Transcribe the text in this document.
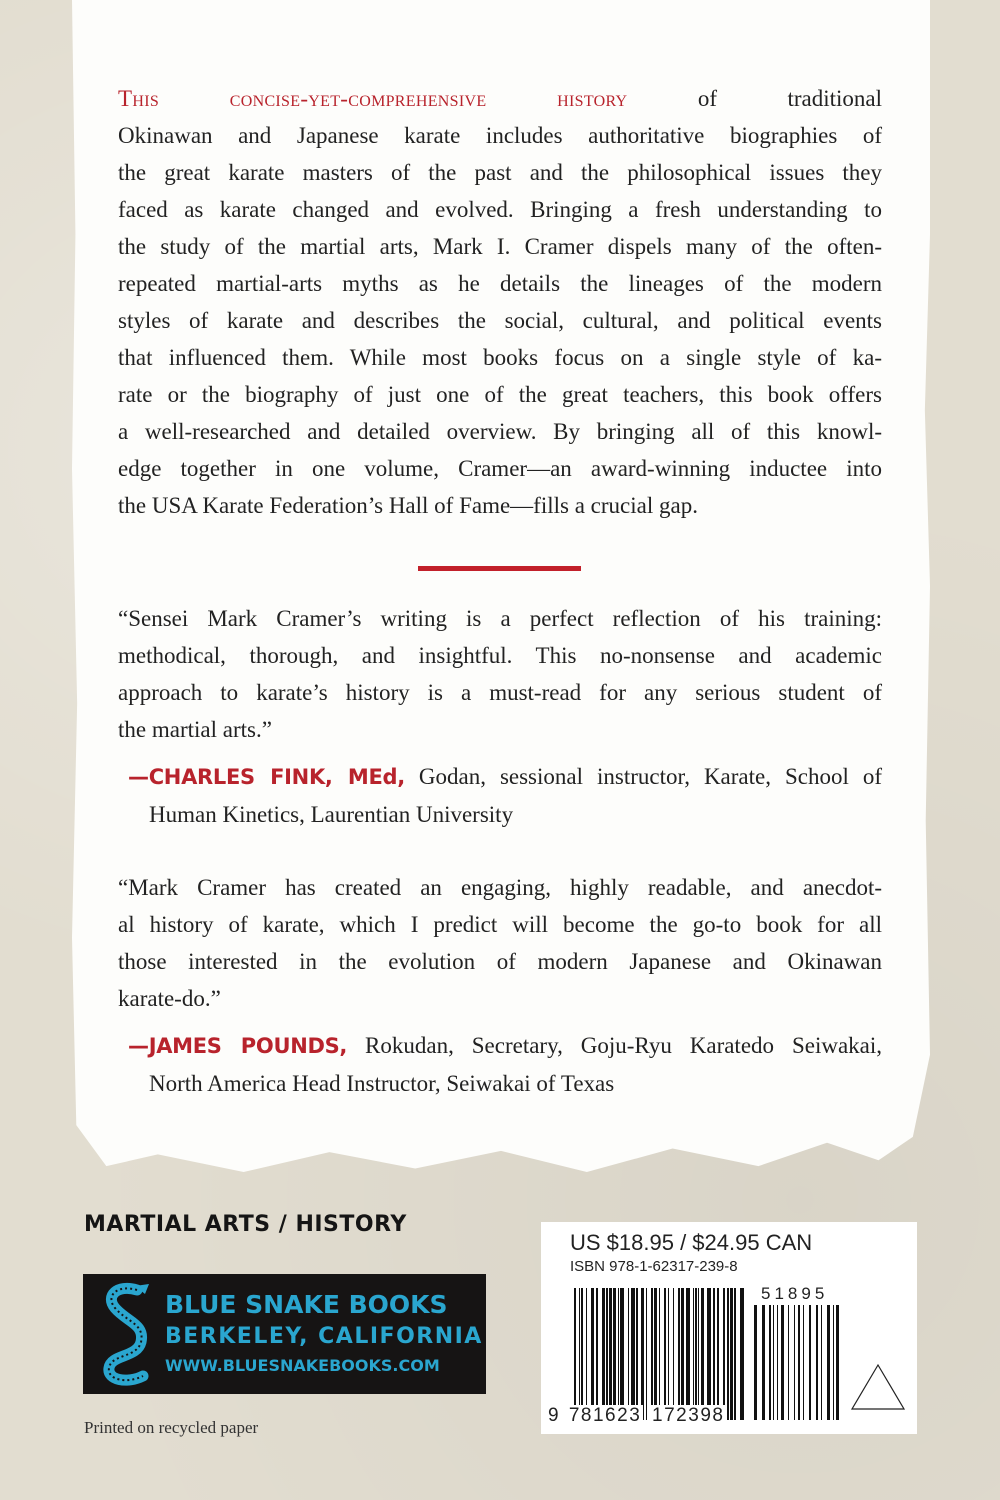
This concise-yet-comprehensive history of traditional
Okinawan and Japanese karate includes authoritative biographies of
the great karate masters of the past and the philosophical issues they
faced as karate changed and evolved. Bringing a fresh understanding to
the study of the martial arts, Mark I. Cramer dispels many of the often-
repeated martial-arts myths as he details the lineages of the modern
styles of karate and describes the social, cultural, and political events
that influenced them. While most books focus on a single style of ka-
rate or the biography of just one of the great teachers, this book offers
a well-researched and detailed overview. By bringing all of this knowl-
edge together in one volume, Cramer—an award-winning inductee into
the USA Karate Federation’s Hall of Fame—fills a crucial gap.
“Sensei Mark Cramer’s writing is a perfect reflection of his training:
methodical, thorough, and insightful. This no-nonsense and academic
approach to karate’s history is a must-read for any serious student of
the martial arts.”
—CHARLES FINK, MEd, Godan, sessional instructor, Karate, School of
Human Kinetics, Laurentian University
“Mark Cramer has created an engaging, highly readable, and anecdot-
al history of karate, which I predict will become the go-to book for all
those interested in the evolution of modern Japanese and Okinawan
karate-do.”
—JAMES POUNDS, Rokudan, Secretary, Goju-Ryu Karatedo Seiwakai,
North America Head Instructor, Seiwakai of Texas
MARTIAL ARTS / HISTORY
BLUE SNAKE BOOKS
BERKELEY, CALIFORNIA
WWW.BLUESNAKEBOOKS.COM
Printed on recycled paper
US $18.95 / $24.95 CAN
ISBN 978-1-62317-239-8
51895
9 781623 172398
